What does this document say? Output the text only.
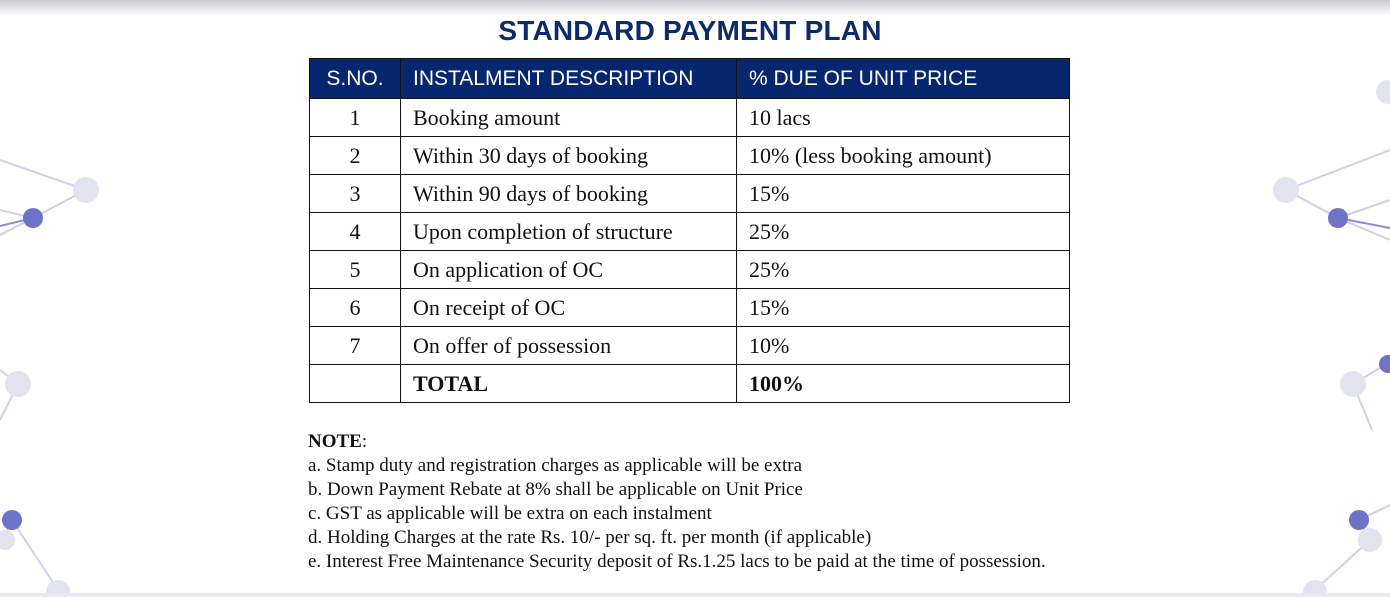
STANDARD PAYMENT PLAN
S.NO.	INSTALMENT DESCRIPTION	% DUE OF UNIT PRICE
1	Booking amount	10 lacs
2	Within 30 days of booking	10% (less booking amount)
3	Within 90 days of booking	15%
4	Upon completion of structure	25%
5	On application of OC	25%
6	On receipt of OC	15%
7	On offer of possession	10%
	TOTAL	100%
NOTE:
a. Stamp duty and registration charges as applicable will be extra
b. Down Payment Rebate at 8% shall be applicable on Unit Price
c. GST as applicable will be extra on each instalment
d. Holding Charges at the rate Rs. 10/- per sq. ft. per month (if applicable)
e. Interest Free Maintenance Security deposit of Rs.1.25 lacs to be paid at the time of possession.
